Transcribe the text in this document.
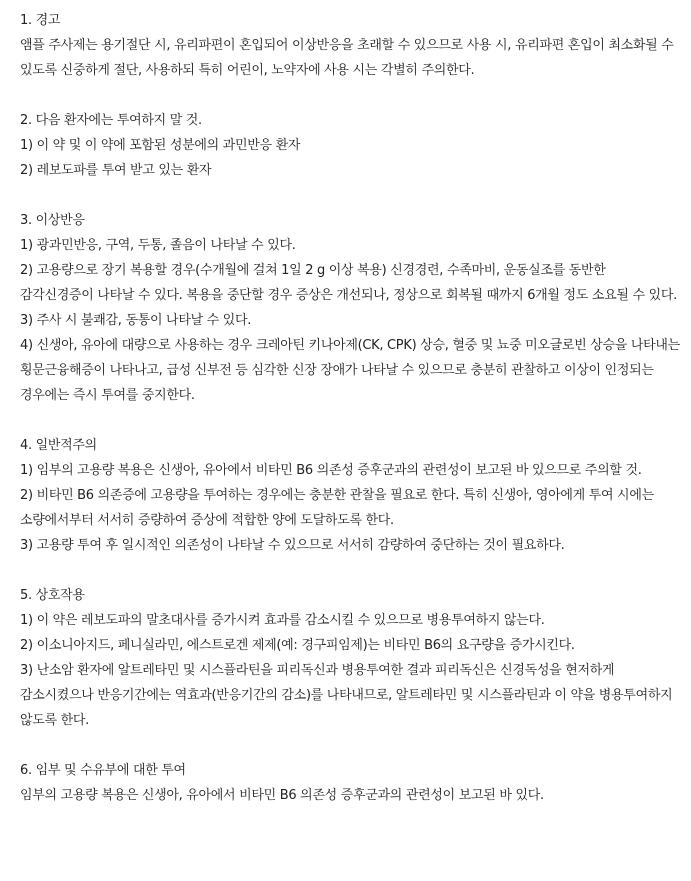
1. 경고
앰플 주사제는 용기절단 시, 유리파편이 혼입되어 이상반응을 초래할 수 있으므로 사용 시, 유리파편 혼입이 최소화될 수 있도록 신중하게 절단, 사용하되 특히 어린이, 노약자에 사용 시는 각별히 주의한다.
2. 다음 환자에는 투여하지 말 것.
1) 이 약 및 이 약에 포함된 성분에의 과민반응 환자
2) 레보도파를 투여 받고 있는 환자
3. 이상반응
1) 광과민반응, 구역, 두통, 졸음이 나타날 수 있다.
2) 고용량으로 장기 복용할 경우(수개월에 걸쳐 1일 2 g 이상 복용) 신경경련, 수족마비, 운동실조를 동반한 감각신경증이 나타날 수 있다. 복용을 중단할 경우 증상은 개선되나, 정상으로 회복될 때까지 6개월 정도 소요될 수 있다.
3) 주사 시 불쾌감, 동통이 나타날 수 있다.
4) 신생아, 유아에 대량으로 사용하는 경우 크레아틴 키나아제(CK, CPK) 상승, 혈중 및 뇨중 미오글로빈 상승을 나타내는 횡문근융해증이 나타나고, 급성 신부전 등 심각한 신장 장애가 나타날 수 있으므로 충분히 관찰하고 이상이 인정되는 경우에는 즉시 투여를 중지한다.
4. 일반적주의
1) 임부의 고용량 복용은 신생아, 유아에서 비타민 B6 의존성 증후군과의 관련성이 보고된 바 있으므로 주의할 것.
2) 비타민 B6 의존증에 고용량을 투여하는 경우에는 충분한 관찰을 필요로 한다. 특히 신생아, 영아에게 투여 시에는 소량에서부터 서서히 증량하여 증상에 적합한 양에 도달하도록 한다.
3) 고용량 투여 후 일시적인 의존성이 나타날 수 있으므로 서서히 감량하여 중단하는 것이 필요하다.
5. 상호작용
1) 이 약은 레보도파의 말초대사를 증가시켜 효과를 감소시킬 수 있으므로 병용투여하지 않는다.
2) 이소니아지드, 페니실라민, 에스트로겐 제제(예: 경구피임제)는 비타민 B6의 요구량을 증가시킨다.
3) 난소암 환자에 알트레타민 및 시스플라틴을 피리독신과 병용투여한 결과 피리독신은 신경독성을 현저하게 감소시켰으나 반응기간에는 역효과(반응기간의 감소)를 나타내므로, 알트레타민 및 시스플라틴과 이 약을 병용투여하지 않도록 한다.
6. 임부 및 수유부에 대한 투여
임부의 고용량 복용은 신생아, 유아에서 비타민 B6 의존성 증후군과의 관련성이 보고된 바 있다.
